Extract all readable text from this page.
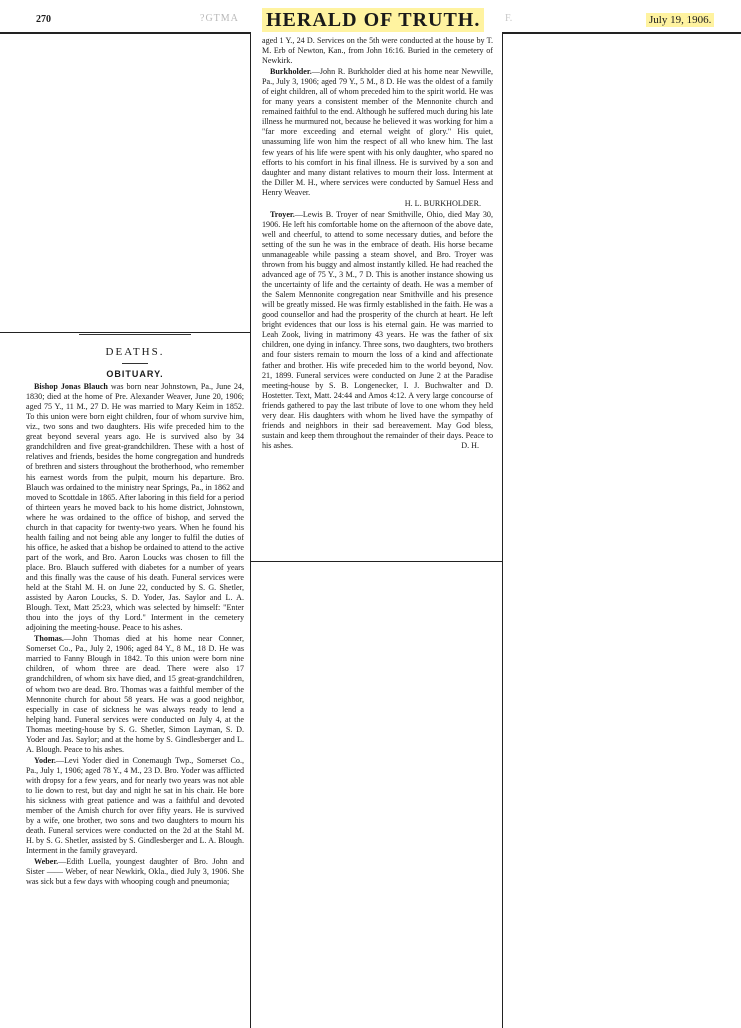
270	?GTMA HERALD OF TRUTH.	F.	July 19, 1906.
DEATHS.
OBITUARY.

Bishop Jonas Blauch was born near Johnstown, Pa., June 24, 1830; died at the home of Pre. Alexander Weaver, June 20, 1906; aged 75 Y., 11 M., 27 D. He was married to Mary Keim in 1852. To this union were born eight children, four of whom survive him, viz., two sons and two daughters. His wife preceded him to the great beyond several years ago. He is survived also by 34 grandchildren and five great-grandchildren. These with a host of relatives and friends, besides the home congregation and hundreds of brethren and sisters throughout the brotherhood, who remember his earnest words from the pulpit, mourn his departure. Bro. Blauch was ordained to the ministry near Springs, Pa., in 1862 and moved to Scottdale in 1865. After laboring in this field for a period of thirteen years he moved back to his home district, Johnstown, where he was ordained to the office of bishop, and served the church in that capacity for twenty-two years. When he found his health failing and not being able any longer to fulfil the duties of his office, he asked that a bishop be ordained to attend to the active part of the work, and Bro. Aaron Loucks was chosen to fill the place. Bro. Blauch suffered with diabetes for a number of years and this finally was the cause of his death. Funeral services were held at the Stahl M. H. on June 22, conducted by S. G. Shetler, assisted by Aaron Loucks, S. D. Yoder, Jas. Saylor and L. A. Blough. Text, Matt 25:23, which was selected by himself: "Enter thou into the joys of thy Lord." Interment in the cemetery adjoining the meeting-house. Peace to his ashes.

Thomas.—John Thomas died at his home near Conner, Somerset Co., Pa., July 2, 1906; aged 84 Y., 8 M., 18 D. He was married to Fanny Blough in 1842. To this union were born nine children, of whom three are dead. There were also 17 grandchildren, of whom six have died, and 15 great-grandchildren, of whom two are dead. Bro. Thomas was a faithful member of the Mennonite church for about 58 years. He was a good neighbor, especially in case of sickness he was always ready to lend a helping hand. Funeral services were conducted on July 4, at the Thomas meeting-house by S. G. Shetler, Simon Layman, S. D. Yoder and Jas. Saylor; and at the home by S. Gindlesberger and L. A. Blough. Peace to his ashes.

Yoder.—Levi Yoder died in Conemaugh Twp., Somerset Co., Pa., July 1, 1906; aged 78 Y., 4 M., 23 D. Bro. Yoder was afflicted with dropsy for a few years, and for nearly two years was not able to lie down to rest, but day and night he sat in his chair. He bore his sickness with great patience and was a faithful and devoted member of the Amish church for over fifty years. He is survived by a wife, one brother, two sons and two daughters to mourn his death. Funeral services were conducted on the 2d at the Stahl M. H. by S. G. Shetler, assisted by S. Gindlesberger and L. A. Blough. Interment in the family graveyard.

Weber.—Edith Luella, youngest daughter of Bro. John and Sister —— Weber, of near Newkirk, Okla., died July 3, 1906. She was sick but a few days with whooping cough and pneumonia;

aged 1 Y., 24 D. Services on the 5th were conducted at the house by T. M. Erb of Newton, Kan., from John 16:16. Buried in the cemetery of Newkirk.

Burkholder.—John R. Burkholder died at his home near Newville, Pa., July 3, 1906; aged 79 Y., 5 M., 8 D. He was the oldest of a family of eight children, all of whom preceded him to the spirit world. He was for many years a consistent member of the Mennonite church and remained faithful to the end. Although he suffered much during his late illness he murmured not, because he believed it was working for him a "far more exceeding and eternal weight of glory." His quiet, unassuming life won him the respect of all who knew him. The last few years of his life were spent with his only daughter, who spared no efforts to his comfort in his final illness. He is survived by a son and daughter and many distant relatives to mourn their loss. Interment at the Diller M. H., where services were conducted by Samuel Hess and Henry Weaver.

H. L. BURKHOLDER.

Troyer.—Lewis B. Troyer of near Smithville, Ohio, died May 30, 1906. He left his comfortable home on the afternoon of the above date, well and cheerful, to attend to some necessary duties, and before the setting of the sun he was in the embrace of death. His horse became unmanageable while passing a steam shovel, and Bro. Troyer was thrown from his buggy and almost instantly killed. He had reached the advanced age of 75 Y., 3 M., 7 D. This is another instance showing us the uncertainty of life and the certainty of death. He was a member of the Salem Mennonite congregation near Smithville and his presence will be greatly missed. He was firmly established in the faith. He was a good counsellor and had the prosperity of the church at heart. He left bright evidences that our loss is his eternal gain. He was married to Leah Zook, living in matrimony 43 years. He was the father of six children, one dying in infancy. Three sons, two daughters, two brothers and four sisters remain to mourn the loss of a kind and affectionate father and brother. His wife preceded him to the world beyond, Nov. 21, 1899. Funeral services were conducted on June 2 at the Paradise meeting-house by S. B. Longenecker, I. J. Buchwalter and D. Hostetter. Text, Matt. 24:44 and Amos 4:12. A very large concourse of friends gathered to pay the last tribute of love to one whom they held very dear. His daughters with whom he lived have the sympathy of friends and neighbors in their sad bereavement. May God bless, sustain and keep them throughout the remainder of their days. Peace to his ashes.	D. H.
